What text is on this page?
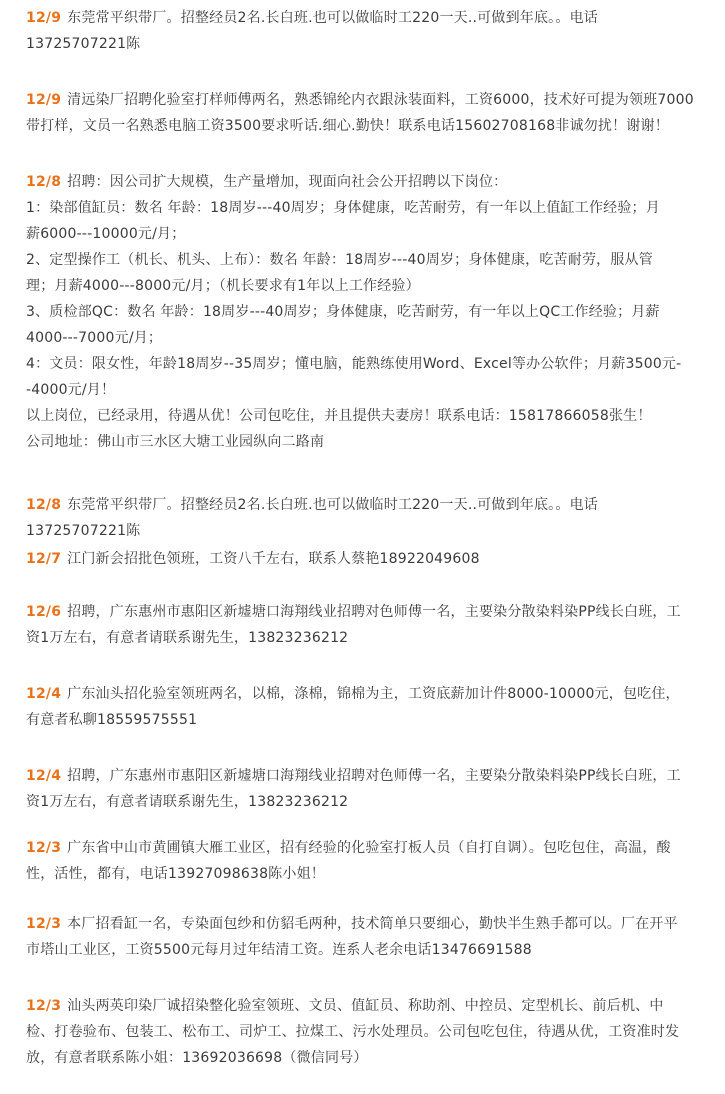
12/9 东莞常平织带厂。招整经员2名.长白班.也可以做临时工220一天..可做到年底。。电话
13725707221陈
12/9 清远染厂招聘化验室打样师傅两名，熟悉锦纶内衣跟泳装面料，工资6000，技术好可提为领班7000
带打样，文员一名熟悉电脑工资3500要求听话.细心.勤快！联系电话15602708168非诚勿扰！谢谢！
12/8 招聘：因公司扩大规模，生产量增加，现面向社会公开招聘以下岗位：
1：染部值缸员：数名 年龄：18周岁---40周岁；身体健康，吃苦耐劳，有一年以上值缸工作经验；月
薪6000---10000元/月；
2、定型操作工（机长、机头、上布）：数名 年龄：18周岁---40周岁；身体健康，吃苦耐劳，服从管
理；月薪4000---8000元/月；（机长要求有1年以上工作经验）
3、质检部QC：数名 年龄：18周岁---40周岁；身体健康，吃苦耐劳，有一年以上QC工作经验；月薪
4000---7000元/月；
4：文员：限女性，年龄18周岁--35周岁；懂电脑，能熟练使用Word、Excel等办公软件；月薪3500元-
-4000元/月！
以上岗位，已经录用，待遇从优！公司包吃住，并且提供夫妻房！联系电话：15817866058张生！
公司地址：佛山市三水区大塘工业园纵向二路南
12/8 东莞常平织带厂。招整经员2名.长白班.也可以做临时工220一天..可做到年底。。电话
13725707221陈
12/7 江门新会招批色领班，工资八千左右，联系人蔡艳18922049608
12/6 招聘，广东惠州市惠阳区新墟塘口海翔线业招聘对色师傅一名，主要染分散染料染PP线长白班，工
资1万左右，有意者请联系谢先生，13823236212
12/4 广东汕头招化验室领班两名，以棉，涤棉，锦棉为主，工资底薪加计件8000-10000元，包吃住，
有意者私聊18559575551
12/4 招聘，广东惠州市惠阳区新墟塘口海翔线业招聘对色师傅一名，主要染分散染料染PP线长白班，工
资1万左右，有意者请联系谢先生，13823236212
12/3 广东省中山市黄圃镇大雁工业区，招有经验的化验室打板人员（自打自调）。包吃包住，高温，酸
性，活性，都有，电话13927098638陈小姐！
12/3 本厂招看缸一名，专染面包纱和仿貂毛两种，技术简单只要细心，勤快半生熟手都可以。厂在开平
市塔山工业区，工资5500元每月过年结清工资。连系人老余电话13476691588
12/3 汕头两英印染厂诚招染整化验室领班、文员、值缸员、称助剂、中控员、定型机长、前后机、中
检、打卷验布、包装工、松布工、司炉工、拉煤工、污水处理员。公司包吃包住，待遇从优，工资准时发
放，有意者联系陈小姐：13692036698（微信同号）
